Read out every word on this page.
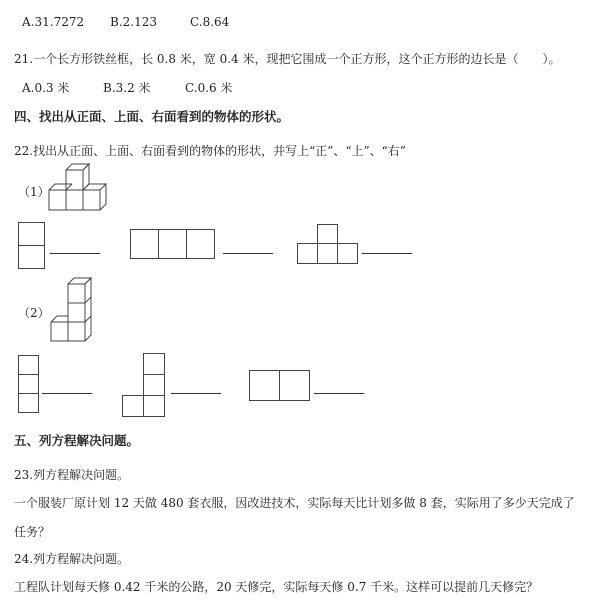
A.31.7272 B.2.123	C.8.64
21.一个长方形铁丝框，长 0.8 米，宽 0.4 米，现把它围成一个正方形，这个正方形的边长是（　　）。
A.0.3 米	B.3.2 米	C.0.6 米
四、找出从正面、上面、右面看到的物体的形状。
22.找出从正面、上面、右面看到的物体的形状，并写上“正”、“上”、“右”
（1）
（2）
五、列方程解决问题。
23.列方程解决问题。
一个服装厂原计划 12 天做 480 套衣服，因改进技术，实际每天比计划多做 8 套，实际用了多少天完成了
任务？
24.列方程解决问题。
工程队计划每天修 0.42 千米的公路，20 天修完，实际每天修 0.7 千米。这样可以提前几天修完？
